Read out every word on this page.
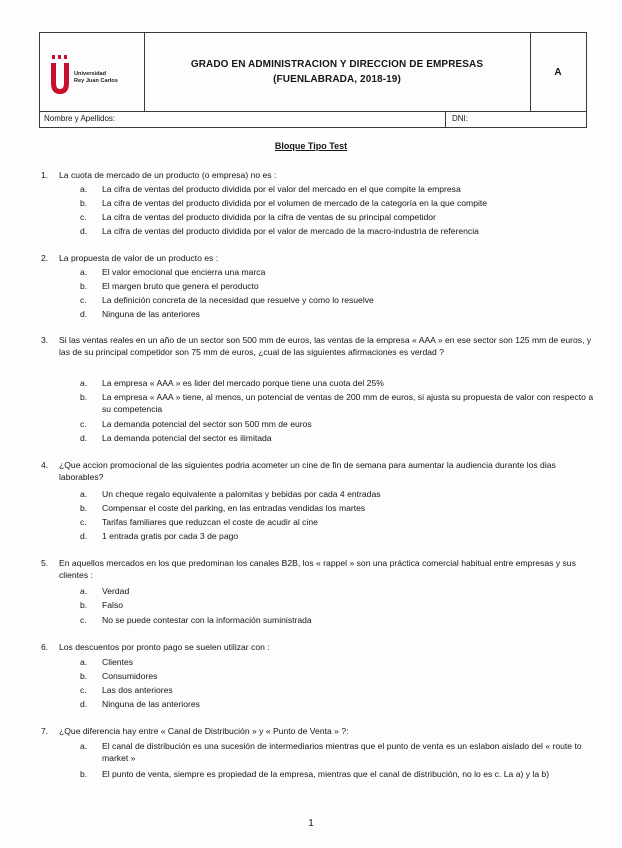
Universidad
Rey Juan Carlos
GRADO EN ADMINISTRACION Y DIRECCION DE EMPRESAS
(FUENLABRADA, 2018-19)
A
Nombre y Apellidos:	DNI:
Bloque Tipo Test
1. La cuota de mercado de un producto (o empresa) no es :
a. La cifra de ventas del producto dividida por el valor del mercado en el que compite la empresa
b. La cifra de ventas del producto dividida por el volumen de mercado de la categoría en la que compite
c. La cifra de ventas del producto dividida por la cifra de ventas de su principal competidor
d. La cifra de ventas del producto dividida por el valor de mercado de la macro-industria de referencia
2. La propuesta de valor de un producto es :
a. El valor emocional que encierra una marca
b. El margen bruto que genera el peroducto
c. La definición concreta de la necesidad que resuelve y como lo resuelve
d. Ninguna de las anteriores
3. Si las ventas reales en un año de un sector son 500 mm de euros, las ventas de la empresa « AAA » en ese sector son 125 mm de euros, y las de su principal competidor son 75 mm de euros, ¿cual de las siguientes afirmaciones es verdad ?
a. La empresa « AAA » es lider del mercado porque tiene una cuota del 25%
b. La empresa « AAA » tiene, al menos, un potencial de ventas de 200 mm de euros, si ajusta su propuesta de valor con respecto a su competencia
c. La demanda potencial del sector son 500 mm de euros
d. La demanda potencial del sector es ilimitada
4. ¿Que accion promocional de las siguientes podria acometer un cine de fin de semana para aumentar la audiencia durante los dias laborables?
a. Un cheque regalo equivalente a palomitas y bebidas por cada 4 entradas
b. Compensar el coste del parking, en las entradas vendidas los martes
c. Tarifas familiares que reduzcan el coste de acudir al cine
d. 1 entrada gratis por cada 3 de pago
5. En aquellos mercados en los que predominan los canales B2B, los « rappel » son una práctica comercial habitual entre empresas y sus clientes :
a. Verdad
b. Falso
c. No se puede contestar con la información suministrada
6. Los descuentos por pronto pago se suelen utilizar con :
a. Clientes
b. Consumidores
c. Las dos anteriores
d. Ninguna de las anteriores
7. ¿Que diferencia hay entre « Canal de Distribución » y « Punto de Venta » ?:
a. El canal de distribución es una sucesión de intermediarios mientras que el punto de venta es un eslabon aislado del « route to market »
b. El punto de venta, siempre es propiedad de la empresa, mientras que el canal de distribución, no lo es c. La a) y la b)
1
